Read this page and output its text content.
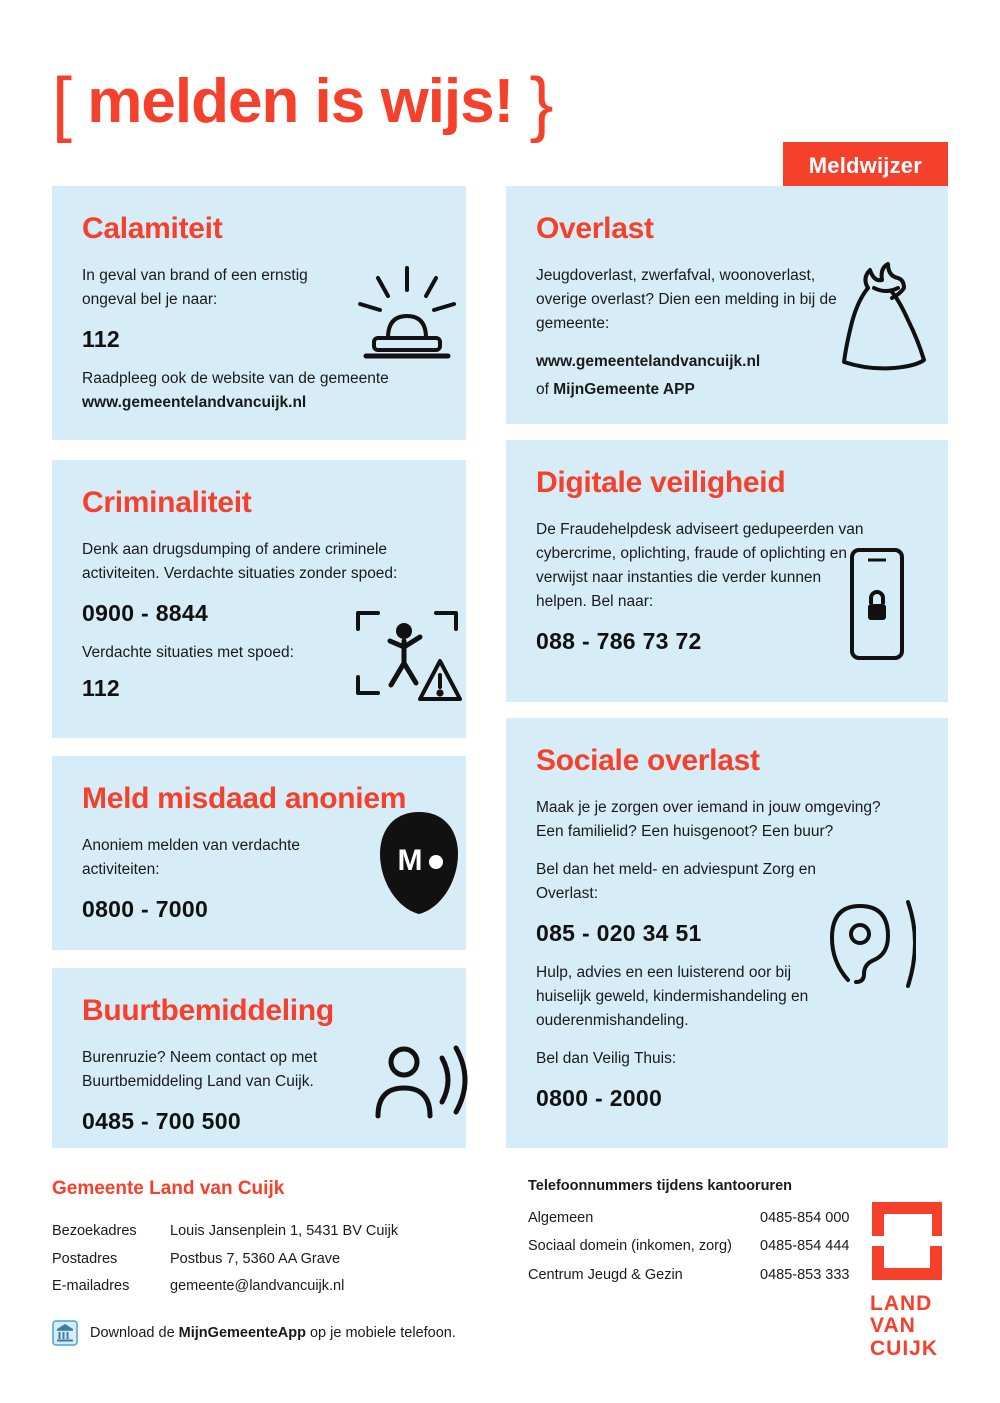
[ melden is wijs! }
Meldwijzer
Calamiteit

In geval van brand of een ernstig ongeval bel je naar:

112

Raadpleeg ook de website van de gemeente www.gemeentelandvancuijk.nl

Criminaliteit

Denk aan drugsdumping of andere criminele activiteiten. Verdachte situaties zonder spoed:

0900 - 8844

Verdachte situaties met spoed:

112
Meld misdaad anoniem

Anoniem melden van verdachte activiteiten:

0800 - 7000
M
Buurtbemiddeling

Burenruzie? Neem contact op met Buurtbemiddeling Land van Cuijk.

0485 - 700 500
Overlast

Jeugdoverlast, zwerfafval, woonoverlast, overige overlast? Dien een melding in bij de gemeente:

www.gemeentelandvancuijk.nl

of MijnGemeente APP

Digitale veiligheid

De Fraudehelpdesk adviseert gedupeerden van cybercrime, oplichting, fraude of oplichting en verwijst naar instanties die verder kunnen helpen. Bel naar:

088 - 786 73 72
Sociale overlast

Maak je je zorgen over iemand in jouw omgeving? Een familielid? Een huisgenoot? Een buur?

Bel dan het meld- en adviespunt Zorg en Overlast:

085 - 020 34 51

Hulp, advies en een luisterend oor bij huiselijk geweld, kindermishandeling en ouderenmishandeling.

Bel dan Veilig Thuis:

0800 - 2000
Gemeente Land van Cuijk
Bezoekadres	Louis Jansenplein 1, 5431 BV Cuijk
Postadres	Postbus 7, 5360 AA Grave
E-mailadres	gemeente@landvancuijk.nl
Telefoonnummers tijdens kantooruren
Algemeen	0485-854 000
Sociaal domein (inkomen, zorg)	0485-854 444
Centrum Jeugd & Gezin	0485-853 333
Download de MijnGemeenteApp op je mobiele telefoon.
LAND
VAN
CUIJK
